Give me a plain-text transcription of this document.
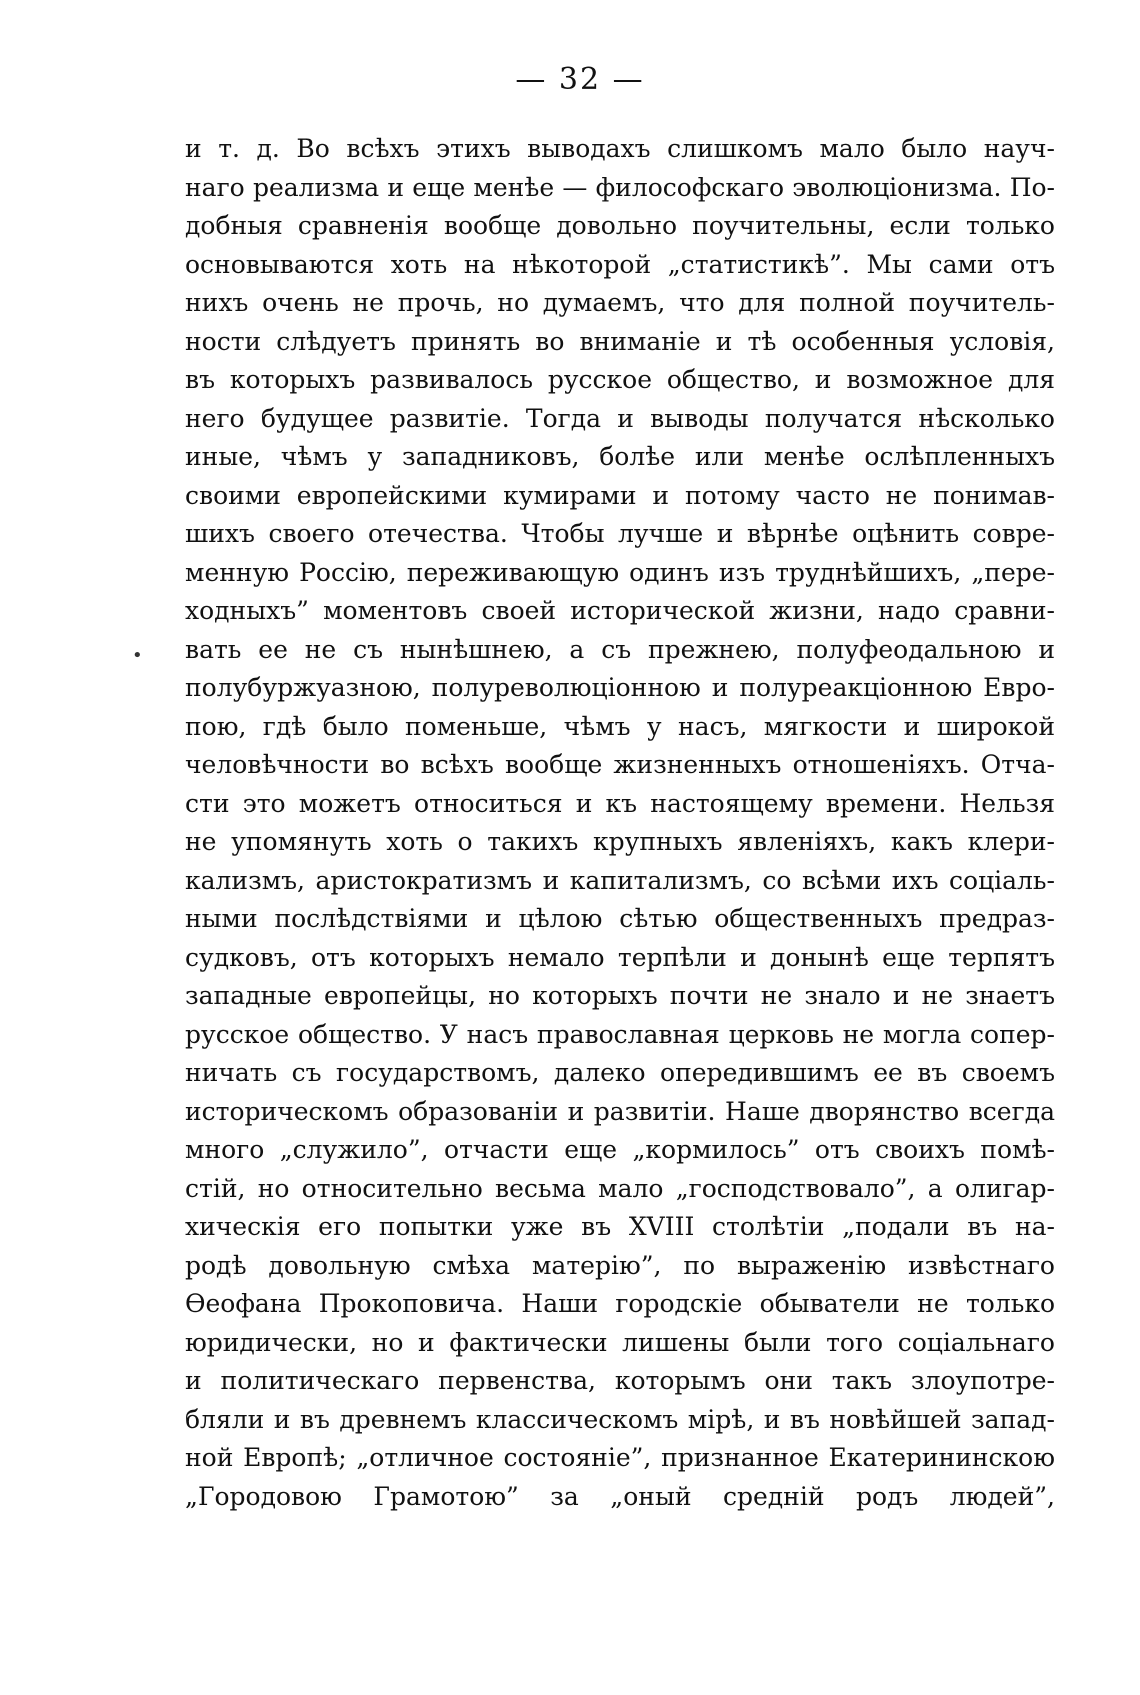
— 32 —
и т. д. Во всѣхъ этихъ выводахъ слишкомъ мало было науч-
наго реализма и еще менѣе — философскаго эволюціонизма. По-
добныя сравненія вообще довольно поучительны, если только
основываются хоть на нѣкоторой „статистикѣ”. Мы сами отъ
нихъ очень не прочь, но думаемъ, что для полной поучитель-
ности слѣдуетъ принять во вниманіе и тѣ особенныя условія,
въ которыхъ развивалось русское общество, и возможное для
него будущее развитіе. Тогда и выводы получатся нѣсколько
иные, чѣмъ у западниковъ, болѣе или менѣе ослѣпленныхъ
своими европейскими кумирами и потому часто не понимав-
шихъ своего отечества. Чтобы лучше и вѣрнѣе оцѣнить совре-
менную Россію, переживающую одинъ изъ труднѣйшихъ, „пере-
ходныхъ” моментовъ своей исторической жизни, надо сравни-
вать ее не съ нынѣшнею, а съ прежнею, полуфеодальною и
полубуржуазною, полуреволюціонною и полуреакціонною Евро-
пою, гдѣ было поменьше, чѣмъ у насъ, мягкости и широкой
человѣчности во всѣхъ вообще жизненныхъ отношеніяхъ. Отча-
сти это можетъ относиться и къ настоящему времени. Нельзя
не упомянуть хоть о такихъ крупныхъ явленіяхъ, какъ клери-
кализмъ, аристократизмъ и капитализмъ, со всѣми ихъ соціаль-
ными послѣдствіями и цѣлою сѣтью общественныхъ предраз-
судковъ, отъ которыхъ немало терпѣли и донынѣ еще терпятъ
западные европейцы, но которыхъ почти не знало и не знаетъ
русское общество. У насъ православная церковь не могла сопер-
ничать съ государствомъ, далеко опередившимъ ее въ своемъ
историческомъ образованіи и развитіи. Наше дворянство всегда
много „служило”, отчасти еще „кормилось” отъ своихъ помѣ-
стій, но относительно весьма мало „господствовало”, а олигар-
хическія его попытки уже въ XVIII столѣтіи „подали въ на-
родѣ довольную смѣха матерію”, по выраженію извѣстнаго
Ѳеофана Прокоповича. Наши городскіе обыватели не только
юридически, но и фактически лишены были того соціальнаго
и политическаго первенства, которымъ они такъ злоупотре-
бляли и въ древнемъ классическомъ мірѣ, и въ новѣйшей запад-
ной Европѣ; „отличное состояніе”, признанное Екатерининскою
„Городовою Грамотою” за „оный средній родъ людей”,
•
